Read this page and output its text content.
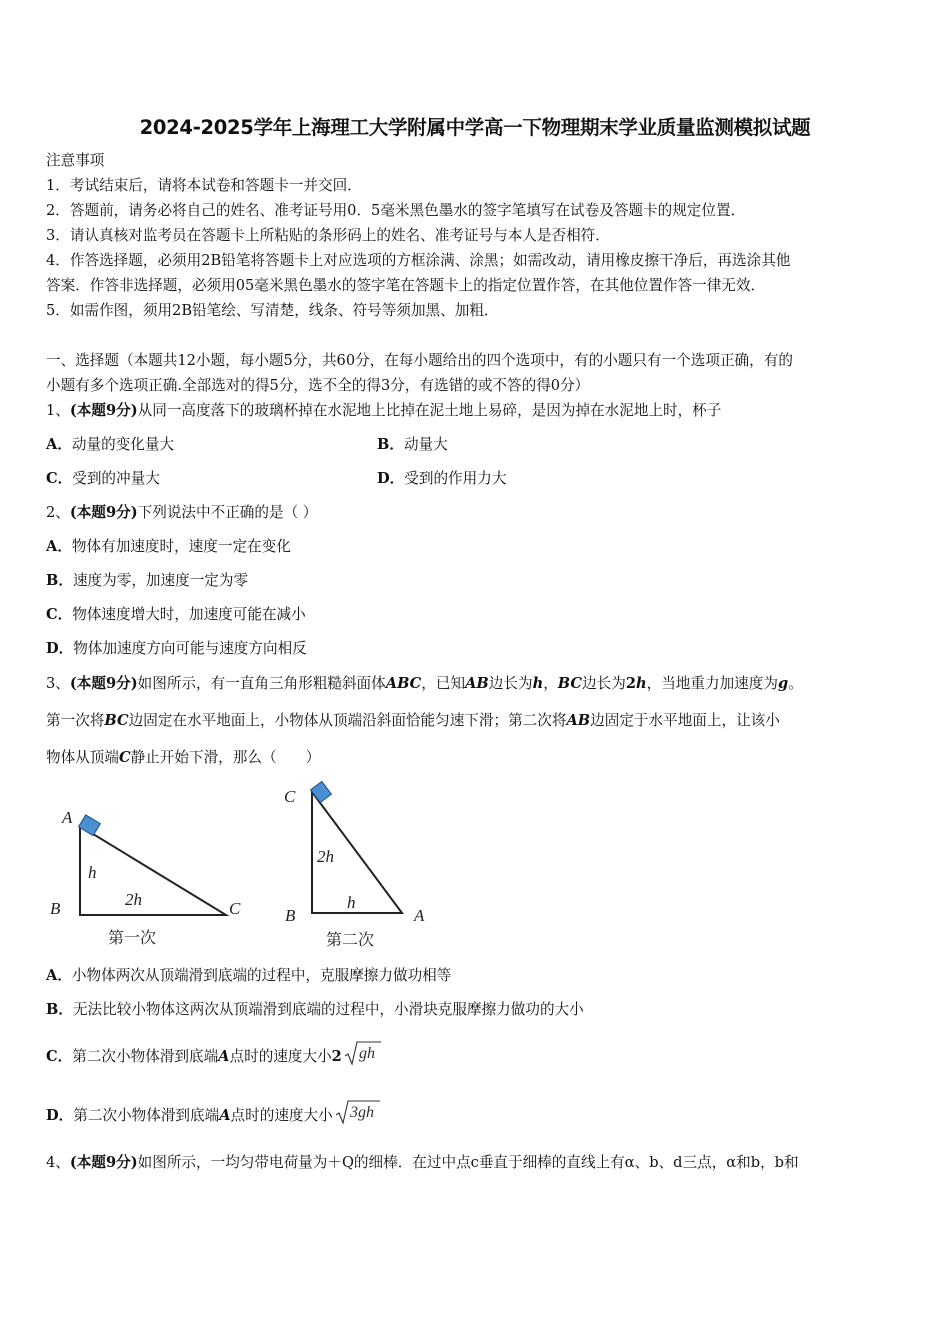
2024-2025学年上海理工大学附属中学高一下物理期末学业质量监测模拟试题
注意事项
1．考试结束后，请将本试卷和答题卡一并交回．
2．答题前，请务必将自己的姓名、准考证号用0．5毫米黑色墨水的签字笔填写在试卷及答题卡的规定位置．
3．请认真核对监考员在答题卡上所粘贴的条形码上的姓名、准考证号与本人是否相符．
4．作答选择题，必须用2B铅笔将答题卡上对应选项的方框涂满、涂黑；如需改动，请用橡皮擦干净后，再选涂其他
答案．作答非选择题，必须用05毫米黑色墨水的签字笔在答题卡上的指定位置作答，在其他位置作答一律无效．
5．如需作图，须用2B铅笔绘、写清楚，线条、符号等须加黑、加粗．
一、选择题（本题共12小题，每小题5分，共60分，在每小题给出的四个选项中，有的小题只有一个选项正确，有的
小题有多个选项正确.全部选对的得5分，选不全的得3分，有选错的或不答的得0分）
1、(本题9分)从同一高度落下的玻璃杯掉在水泥地上比掉在泥土地上易碎，是因为掉在水泥地上时，杯子
A．动量的变化量大	B．动量大
C．受到的冲量大	D．受到的作用力大
2、(本题9分)下列说法中不正确的是（ ）
A．物体有加速度时，速度一定在变化
B．速度为零，加速度一定为零
C．物体速度增大时，加速度可能在减小
D．物体加速度方向可能与速度方向相反
3、(本题9分)如图所示，有一直角三角形粗糙斜面体ABC，已知AB边长为h，BC边长为2h，当地重力加速度为g。
第一次将BC边固定在水平地面上，小物体从顶端沿斜面恰能匀速下滑；第二次将AB边固定于水平地面上，让该小
物体从顶端C静止开始下滑，那么（　　）
A
B	C
h
2h
第一次
C
B	A
2h
h
第二次
A．小物体两次从顶端滑到底端的过程中，克服摩擦力做功相等
B．无法比较小物体这两次从顶端滑到底端的过程中，小滑块克服摩擦力做功的大小
C．第二次小物体滑到底端A点时的速度大小2 gh
D．第二次小物体滑到底端A点时的速度大小 3gh
4、(本题9分)如图所示，一均匀带电荷量为＋Q的细棒．在过中点c垂直于细棒的直线上有α、b、d三点，α和b，b和
